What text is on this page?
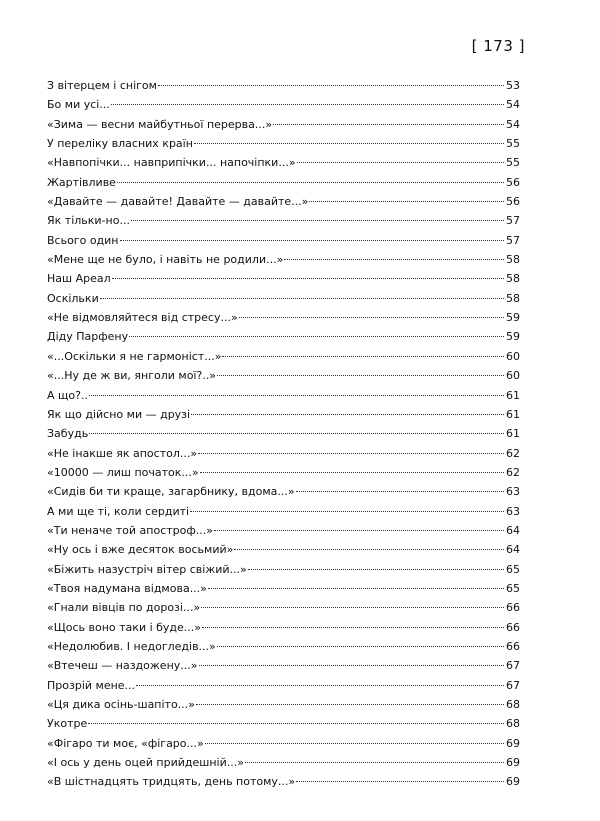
[ 173 ]
З вітерцем і снігом	53
Бо ми усі...	54
«Зима — весни майбутньої перерва...»	54
У переліку власних країн	55
«Навпопічки... навприпічки... напочіпки...»	55
Жартівливе	56
«Давайте — давайте! Давайте — давайте...»	56
Як тільки-но...	57
Всього один	57
«Мене ще не було, і навіть не родили...»	58
Наш Ареал	58
Оскільки	58
«Не відмовляйтеся від стресу...»	59
Діду Парфену	59
«...Оскільки я не гармоніст...»	60
«...Ну де ж ви, янголи мої?..»	60
А що?..	61
Як що дійсно ми — друзі	61
Забудь	61
«Не інакше як апостол...»	62
«10000 — лиш початок...»	62
«Сидів би ти краще, загарбнику, вдома...»	63
А ми ще ті, коли сердиті	63
«Ти неначе той апостроф...»	64
«Ну ось і вже десяток восьмий»	64
«Біжить назустріч вітер свіжий...»	65
«Твоя надумана відмова...»	65
«Гнали вівців по дорозі...»	66
«Щось воно таки і буде...»	66
«Недолюбив. І недогледів...»	66
«Втечеш — наздожену...»	67
Прозрій мене...	67
«Ця дика осінь-шапіто...»	68
Укотре	68
«Фігаро ти моє, «фігаро...»	69
«І ось у день оцей прийдешній...»	69
«В шістнадцять тридцять, день потому...»	69
